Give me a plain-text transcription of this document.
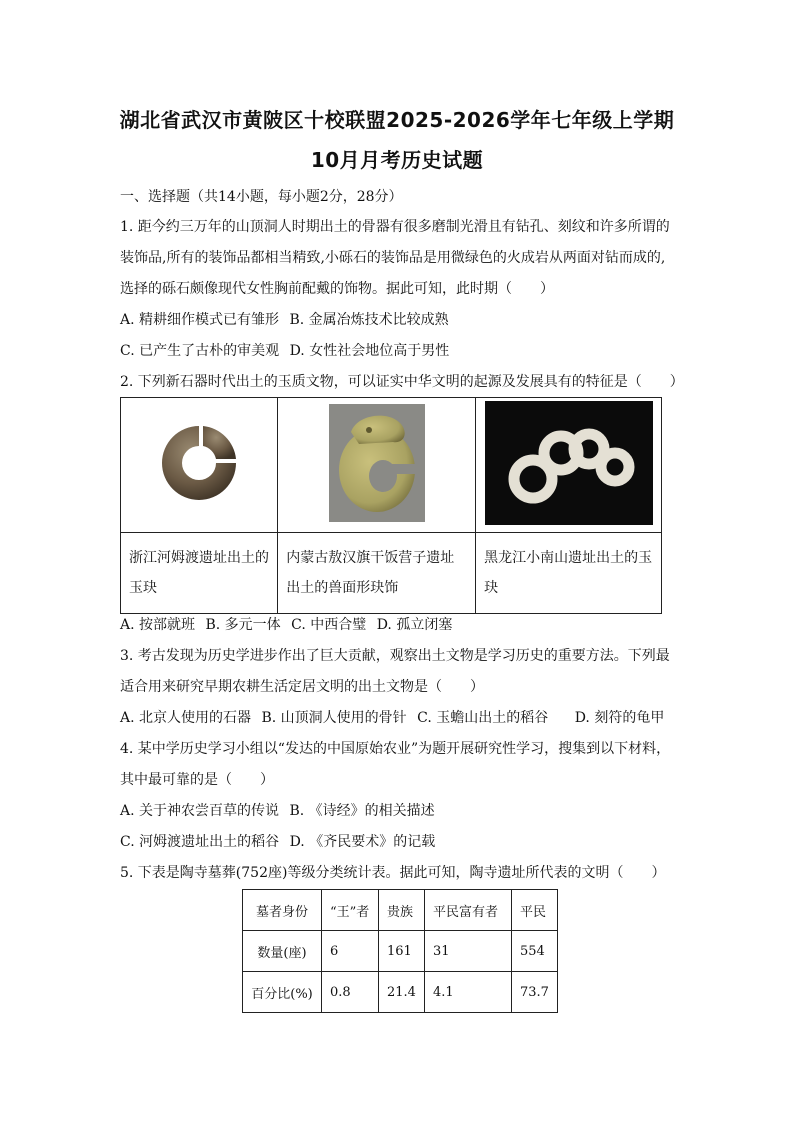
湖北省武汉市黄陂区十校联盟2025-2026学年七年级上学期
10月月考历史试题
一、选择题（共14小题，每小题2分，28分）
1. 距今约三万年的山顶洞人时期出土的骨器有很多磨制光滑且有钻孔、刻纹和许多所谓的
装饰品,所有的装饰品都相当精致,小砾石的装饰品是用微绿色的火成岩从两面对钻而成的,
选择的砾石颇像现代女性胸前配戴的饰物。据此可知，此时期（　　）
A. 精耕细作模式已有雏形 B. 金属冶炼技术比较成熟
C. 已产生了古朴的审美观 D. 女性社会地位高于男性
2. 下列新石器时代出土的玉质文物，可以证实中华文明的起源及发展具有的特征是（　　）

浙江河姆渡遗址出土的玉玦	内蒙古敖汉旗干饭营子遗址出土的兽面形玦饰	黑龙江小南山遗址出土的玉玦
A. 按部就班 B. 多元一体 C. 中西合璧 D. 孤立闭塞
3. 考古发现为历史学进步作出了巨大贡献，观察出土文物是学习历史的重要方法。下列最
适合用来研究早期农耕生活定居文明的出土文物是（　　）
A. 北京人使用的石器 B. 山顶洞人使用的骨针 C. 玉蟾山出土的稻谷 D. 刻符的龟甲
4. 某中学历史学习小组以“发达的中国原始农业”为题开展研究性学习，搜集到以下材料，
其中最可靠的是（　　）
A. 关于神农尝百草的传说 B. 《诗经》的相关描述
C. 河姆渡遗址出土的稻谷 D. 《齐民要术》的记载
5. 下表是陶寺墓葬(752座)等级分类统计表。据此可知，陶寺遗址所代表的文明（　　）
墓者身份	“王”者	贵族	平民富有者	平民
数量(座)	6	161	31	554
百分比(%)	0.8	21.4	4.1	73.7
